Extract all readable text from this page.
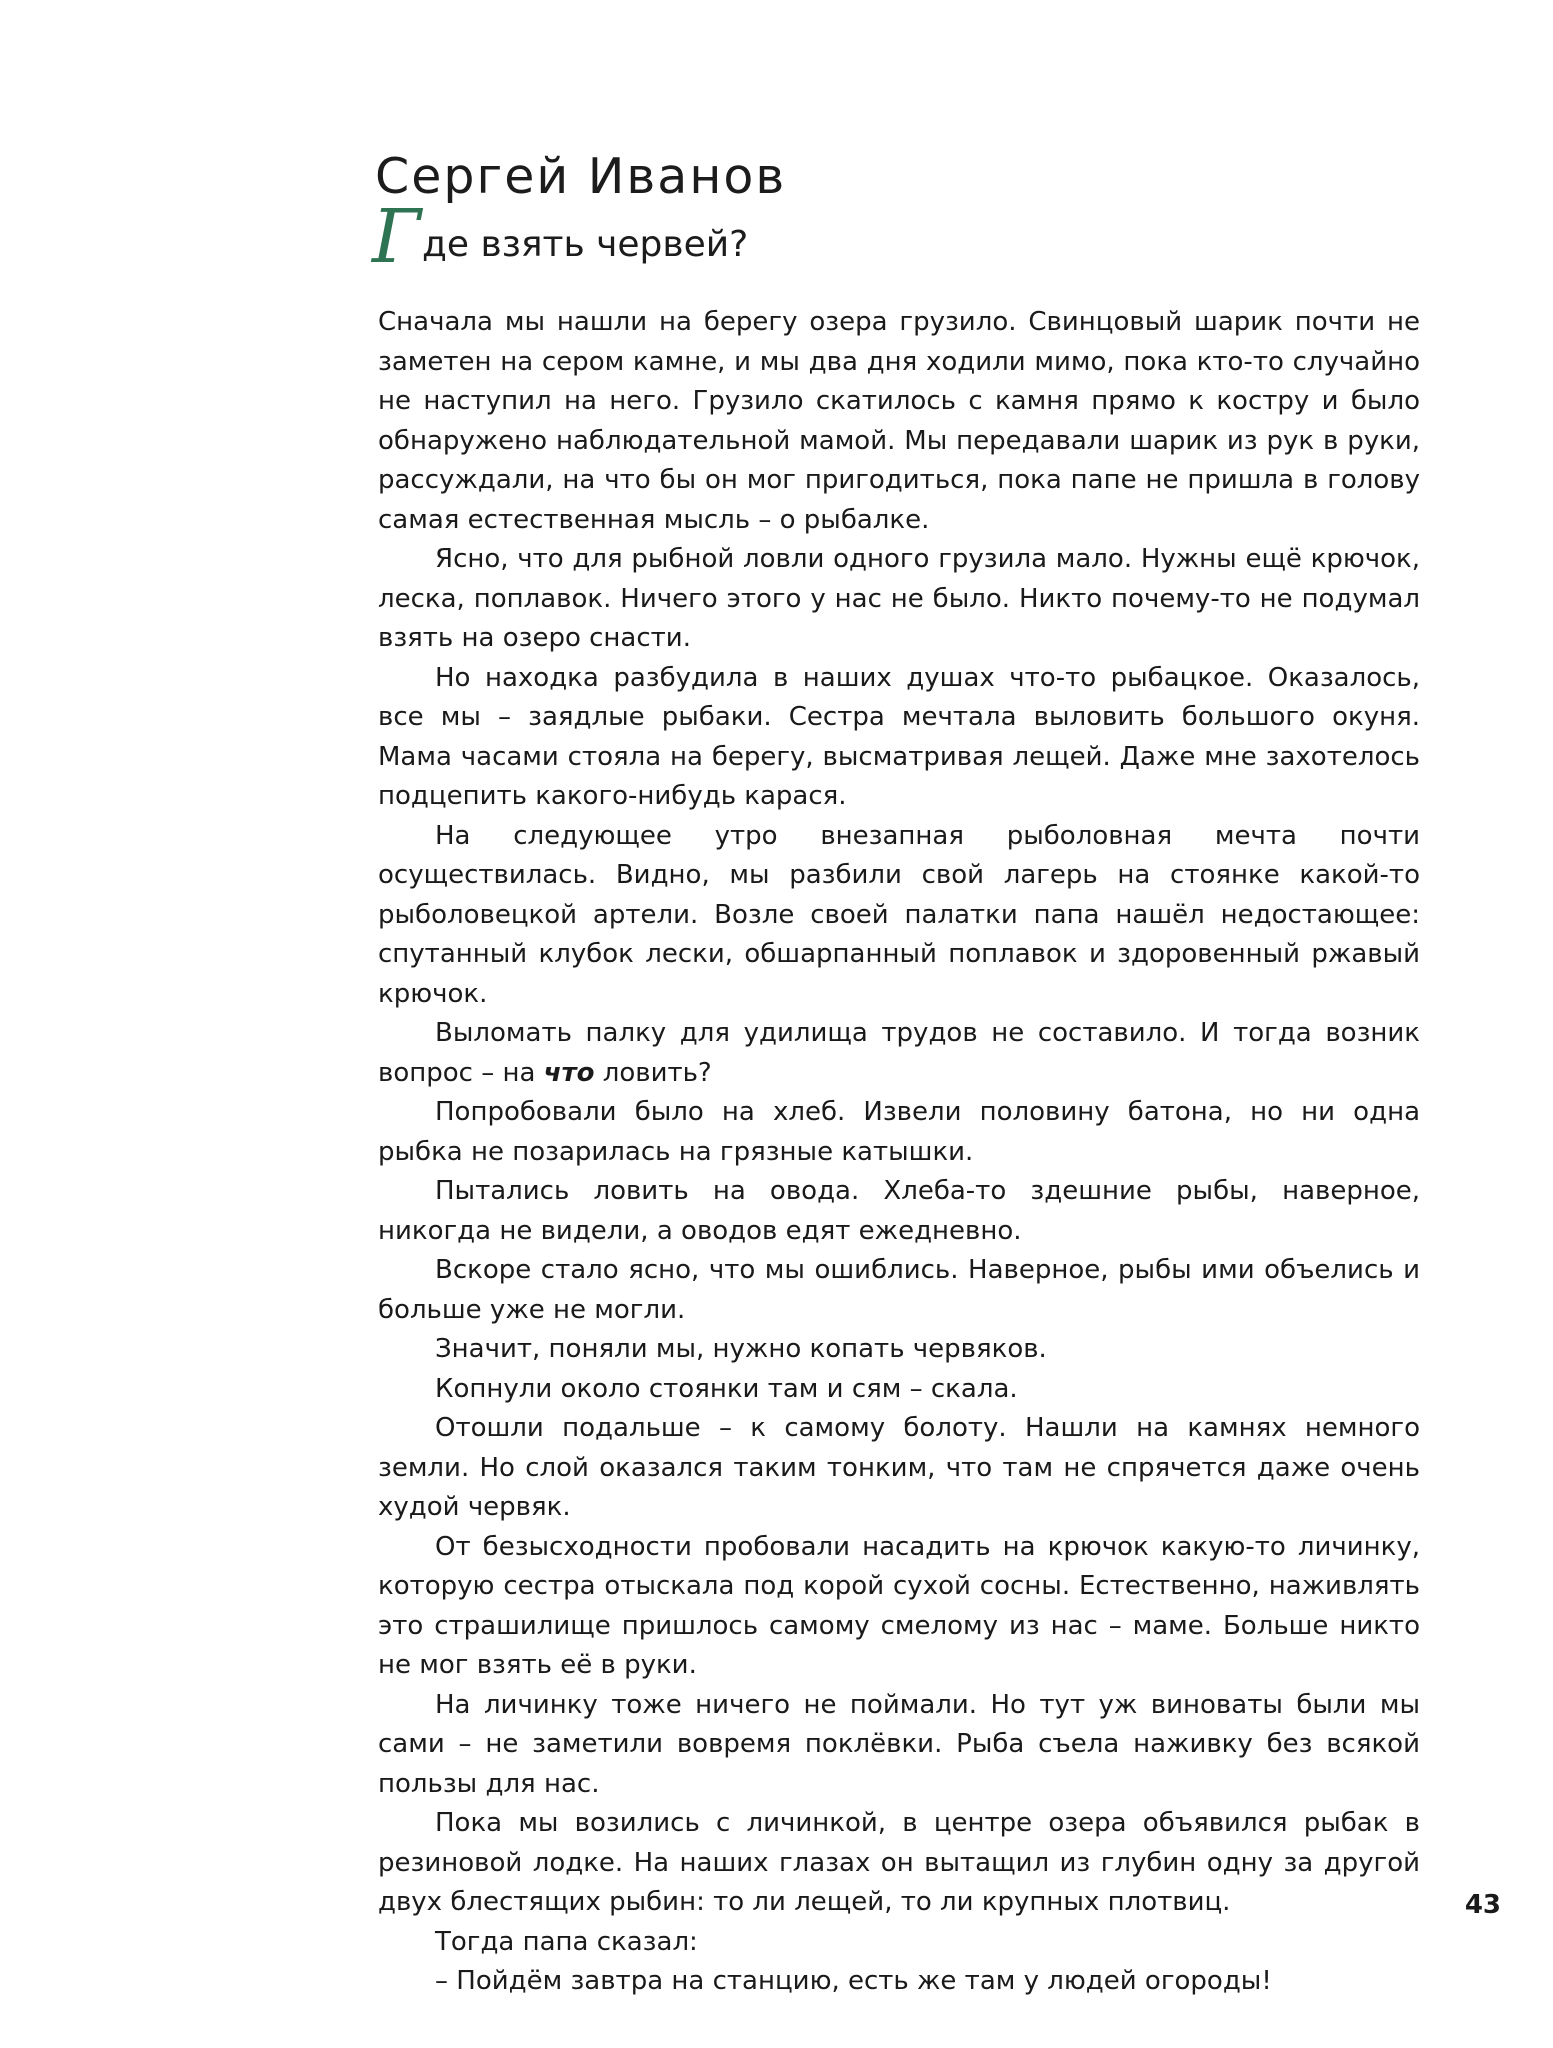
Сергей Иванов
Где взять червей?

Сначала мы нашли на берегу озера грузило. Свинцовый шарик почти не заметен на сером камне, и мы два дня ходили мимо, пока кто-то случайно не наступил на него. Грузило скатилось с камня прямо к костру и было обнаружено наблюдательной мамой. Мы передавали шарик из рук в руки, рассуждали, на что бы он мог пригодиться, пока папе не пришла в голову самая естественная мысль – о рыбалке.

Ясно, что для рыбной ловли одного грузила мало. Нужны ещё крючок, леска, поплавок. Ничего этого у нас не было. Никто почему-то не подумал взять на озеро снасти.

Но находка разбудила в наших душах что-то рыбацкое. Оказалось, все мы – заядлые рыбаки. Сестра мечтала выловить большого окуня. Мама часами стояла на берегу, высматривая лещей. Даже мне захотелось подцепить какого-нибудь карася.

На следующее утро внезапная рыболовная мечта почти осуществилась. Видно, мы разбили свой лагерь на стоянке какой-то рыболовецкой артели. Возле своей палатки папа нашёл недостающее: спутанный клубок лески, обшарпанный поплавок и здоровенный ржавый крючок.

Выломать палку для удилища трудов не составило. И тогда возник вопрос – на что ловить?

Попробовали было на хлеб. Извели половину батона, но ни одна рыбка не позарилась на грязные катышки.

Пытались ловить на овода. Хлеба-то здешние рыбы, наверное, никогда не видели, а оводов едят ежедневно.

Вскоре стало ясно, что мы ошиблись. Наверное, рыбы ими объелись и больше уже не могли.

Значит, поняли мы, нужно копать червяков.

Копнули около стоянки там и сям – скала.

Отошли подальше – к самому болоту. Нашли на камнях немного земли. Но слой оказался таким тонким, что там не спрячется даже очень худой червяк.

От безысходности пробовали насадить на крючок какую-то личинку, которую сестра отыскала под корой сухой сосны. Естественно, наживлять это страшилище пришлось самому смелому из нас – маме. Больше никто не мог взять её в руки.

На личинку тоже ничего не поймали. Но тут уж виноваты были мы сами – не заметили вовремя поклёвки. Рыба съела наживку без всякой пользы для нас.

Пока мы возились с личинкой, в центре озера объявился рыбак в резиновой лодке. На наших глазах он вытащил из глубин одну за другой двух блестящих рыбин: то ли лещей, то ли крупных плотвиц.

Тогда папа сказал:

– Пойдём завтра на станцию, есть же там у людей огороды!

43
